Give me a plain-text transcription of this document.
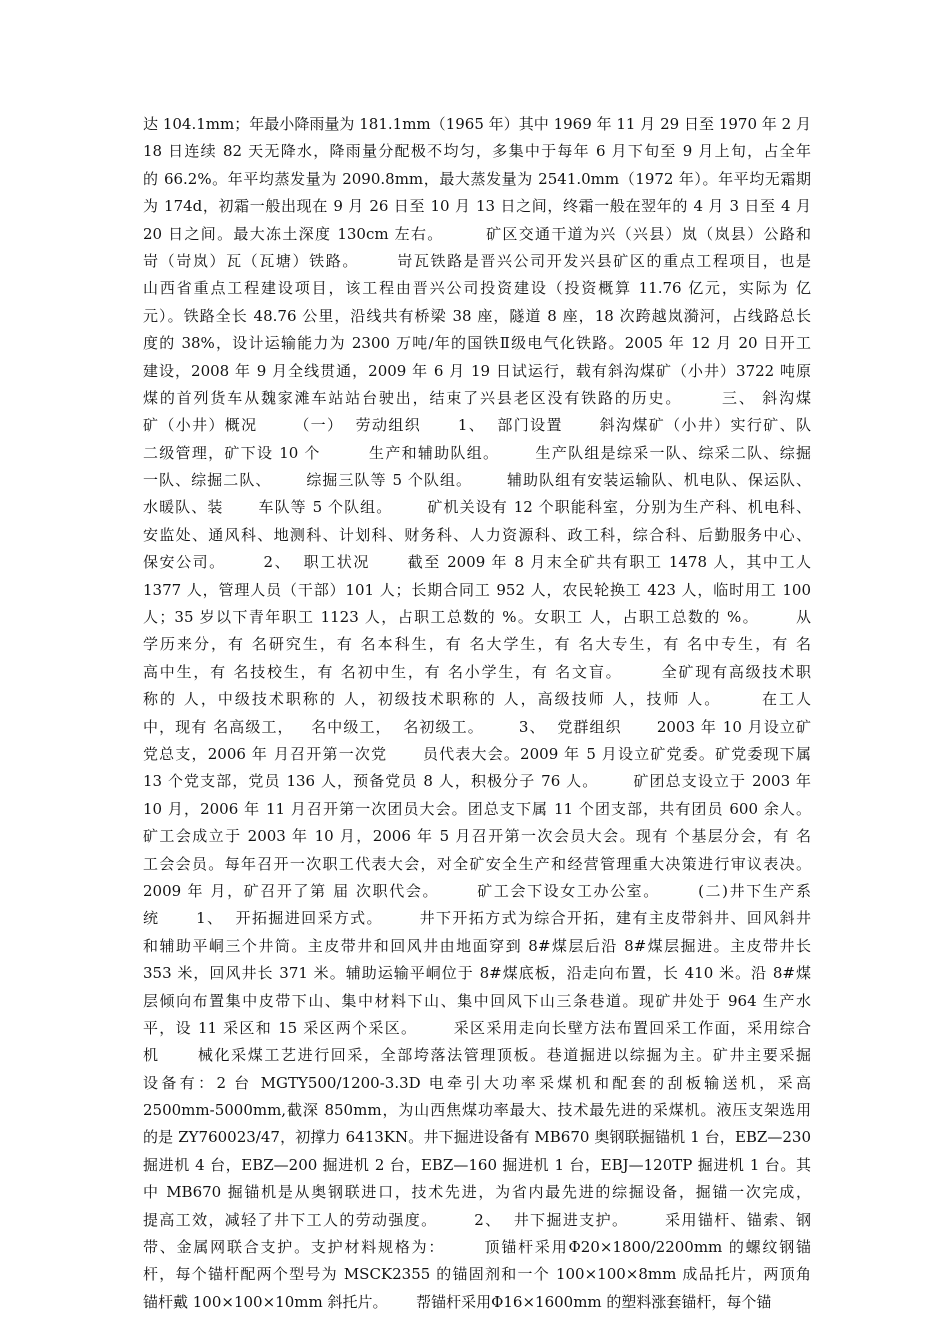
达 104.1mm；年最小降雨量为 181.1mm（1965 年）其中 1969 年 11 月 29 日至 1970 年 2 月
18 日连续 82 天无降水，降雨量分配极不均匀，多集中于每年 6 月下旬至 9 月上旬，占全年
的 66.2%。年平均蒸发量为 2090.8mm，最大蒸发量为 2541.0mm（1972 年）。年平均无霜期
为 174d，初霜一般出现在 9 月 26 日至 10 月 13 日之间，终霜一般在翌年的 4 月 3 日至 4 月
20 日之间。最大冻土深度 130cm 左右。       矿区交通干道为兴（兴县）岚（岚县）公路和
岢（岢岚）瓦（瓦塘）铁路。      岢瓦铁路是晋兴公司开发兴县矿区的重点工程项目，也是
山西省重点工程建设项目，该工程由晋兴公司投资建设（投资概算 11.76 亿元，实际为 亿
元）。铁路全长 48.76 公里，沿线共有桥梁 38 座，隧道 8 座，18 次跨越岚漪河，占线路总长
度的 38%，设计运输能力为 2300 万吨/年的国铁Ⅱ级电气化铁路。2005 年 12 月 20 日开工
建设，2008 年 9 月全线贯通，2009 年 6 月 19 日试运行，载有斜沟煤矿（小井）3722 吨原
煤的首列货车从魏家滩车站站台驶出，结束了兴县老区没有铁路的历史。      三、 斜沟煤
矿（小井）概况      （一）  劳动组织      1、  部门设置      斜沟煤矿（小井）实行矿、队
二级管理，矿下设 10 个        生产和辅助队组。      生产队组是综采一队、综采二队、综掘
一队、综掘二队、      综掘三队等 5 个队组。      辅助队组有安装运输队、机电队、保运队、
水暖队、装      车队等 5 个队组。      矿机关设有 12 个职能科室，分别为生产科、机电科、
安监处、通风科、地测科、计划科、财务科、人力资源科、政工科，综合科、后勤服务中心、
保安公司。      2、  职工状况      截至 2009 年 8 月末全矿共有职工 1478 人，其中工人
1377 人，管理人员（干部）101 人；长期合同工 952 人，农民轮换工 423 人，临时用工 100
人；35 岁以下青年职工 1123 人，占职工总数的 %。女职工 人，占职工总数的 %。      从
学历来分，有 名研究生，有 名本科生，有 名大学生，有 名大专生，有 名中专生，有 名
高中生，有 名技校生，有 名初中生，有 名小学生，有 名文盲。      全矿现有高级技术职
称的 人，中级技术职称的 人，初级技术职称的 人，高级技师 人，技师 人。      在工人
中，现有 名高级工，   名中级工，  名初级工。      3、  党群组织      2003 年 10 月设立矿
党总支，2006 年 月召开第一次党      员代表大会。2009 年 5 月设立矿党委。矿党委现下属
13 个党支部，党员 136 人，预备党员 8 人，积极分子 76 人。      矿团总支设立于 2003 年
10 月，2006 年 11 月召开第一次团员大会。团总支下属 11 个团支部，共有团员 600 余人。
矿工会成立于 2003 年 10 月，2006 年 5 月召开第一次会员大会。现有 个基层分会，有 名
工会会员。每年召开一次职工代表大会，对全矿安全生产和经营管理重大决策进行审议表决。
2009 年 月，矿召开了第 届 次职代会。      矿工会下设女工办公室。      (二)井下生产系
统      1、  开拓掘进回采方式。      井下开拓方式为综合开拓，建有主皮带斜井、回风斜井
和辅助平峒三个井筒。主皮带井和回风井由地面穿到 8#煤层后沿 8#煤层掘进。主皮带井长
353 米，回风井长 371 米。辅助运输平峒位于 8#煤底板，沿走向布置，长 410 米。沿 8#煤
层倾向布置集中皮带下山、集中材料下山、集中回风下山三条巷道。现矿井处于 964 生产水
平，设 11 采区和 15 采区两个采区。      采区采用走向长壁方法布置回采工作面，采用综合
机      械化采煤工艺进行回采，全部垮落法管理顶板。巷道掘进以综掘为主。矿井主要采掘
设备有：2 台 MGTY500/1200-3.3D 电牵引大功率采煤机和配套的刮板输送机，采高
2500mm-5000mm,截深 850mm，为山西焦煤功率最大、技术最先进的采煤机。液压支架选用
的是 ZY760023/47，初撑力 6413KN。井下掘进设备有 MB670 奥钢联掘锚机 1 台，EBZ—230
掘进机 4 台，EBZ—200 掘进机 2 台，EBZ—160 掘进机 1 台，EBJ—120TP 掘进机 1 台。其
中 MB670 掘锚机是从奥钢联进口，技术先进，为省内最先进的综掘设备，掘锚一次完成，
提高工效，减轻了井下工人的劳动强度。      2、  井下掘进支护。      采用锚杆、锚索、钢
带、金属网联合支护。支护材料规格为：      顶锚杆采用Φ20×1800/2200mm 的螺纹钢锚
杆，每个锚杆配两个型号为 MSCK2355 的锚固剂和一个 100×100×8mm 成品托片，两顶角
锚杆戴 100×100×10mm 斜托片。      帮锚杆采用Φ16×1600mm 的塑料涨套锚杆，每个锚
